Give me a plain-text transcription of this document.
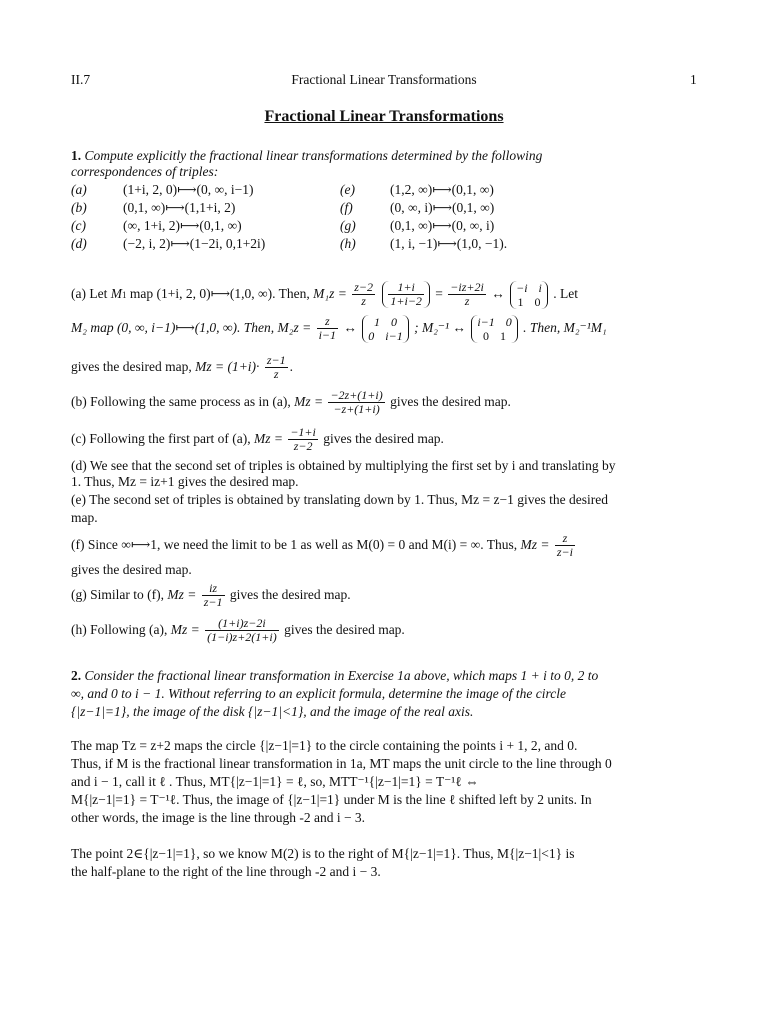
II.7	Fractional Linear Transformations	1
Fractional Linear Transformations
1. Compute explicitly the fractional linear transformations determined by the following
correspondences of triples:
(a)	(1+i, 2, 0)⟼(0, ∞, i−1)
(b)	(0,1, ∞)⟼(1,1+i, 2)
(c)	(∞, 1+i, 2)⟼(0,1, ∞)
(d)	(−2, i, 2)⟼(1−2i, 0,1+2i)
(e)	(1,2, ∞)⟼(0,1, ∞)
(f)	(0, ∞, i)⟼(0,1, ∞)
(g)	(0,1, ∞)⟼(0, ∞, i)
(h)	(1, i, −1)⟼(1,0, −1).
(a) Let M1 map (1+i, 2, 0)⟼(1,0, ∞). Then, $M_1z = \frac{z-2}{z}$
	1+i
1+i−2
= $\frac{-iz+2i}{z}$ ↔ −i i
1 0
. Let
M₂ map (0, ∞, i−1)⟼(1,0, ∞). Then, $M_2z = \frac{z}{i-1}$ ↔	1 0
0 i−1
; M₂⁻¹ ↔ i−1 0
0 1
. Then, M₂⁻¹M₁
gives the desired map, $Mz = (1+i)\cdot \frac{z-1}{z}$ .
(b) Following the same process as in (a), $Mz = \frac{-2z+(1+i)}{-z+(1+i)}$ gives the desired map.
(c) Following the first part of (a), $Mz = \frac{-1+i}{z-2}$ gives the desired map.
(d) We see that the second set of triples is obtained by multiplying the first set by i and translating by
1. Thus, Mz = iz+1 gives the desired map.
(e) The second set of triples is obtained by translating down by 1. Thus, Mz = z−1 gives the desired
map.
(f) Since ∞⟼1, we need the limit to be 1 as well as M(0) = 0 and M(i) = ∞. Thus, $Mz = \frac{z}{z-i}$
gives the desired map.
(g) Similar to (f), $Mz = \frac{iz}{z-1}$ gives the desired map.
(h) Following (a), $Mz = \frac{(1+i)z-2i}{(1-i)z+2(1+i)}$ gives the desired map.
2. Consider the fractional linear transformation in Exercise 1a above, which maps 1 + i to 0, 2 to
∞, and 0 to i − 1. Without referring to an explicit formula, determine the image of the circle
{|z−1|=1}, the image of the disk {|z−1|<1}, and the image of the real axis.
The map Tz = z+2 maps the circle {|z−1|=1} to the circle containing the points i + 1, 2, and 0.
Thus, if M is the fractional linear transformation in 1a, MT maps the unit circle to the line through 0
and i − 1, call it ℓ . Thus, MT{|z−1|=1} = ℓ, so, MTT⁻¹{|z−1|=1} = T⁻¹ℓ ⇔
M{|z−1|=1} = T⁻¹ℓ. Thus, the image of {|z−1|=1} under M is the line ℓ shifted left by 2 units. In
other words, the image is the line through -2 and i − 3.
The point 2∈{|z−1|=1}, so we know M(2) is to the right of M{|z−1|=1}. Thus, M{|z−1|<1} is
the half-plane to the right of the line through -2 and i − 3.
